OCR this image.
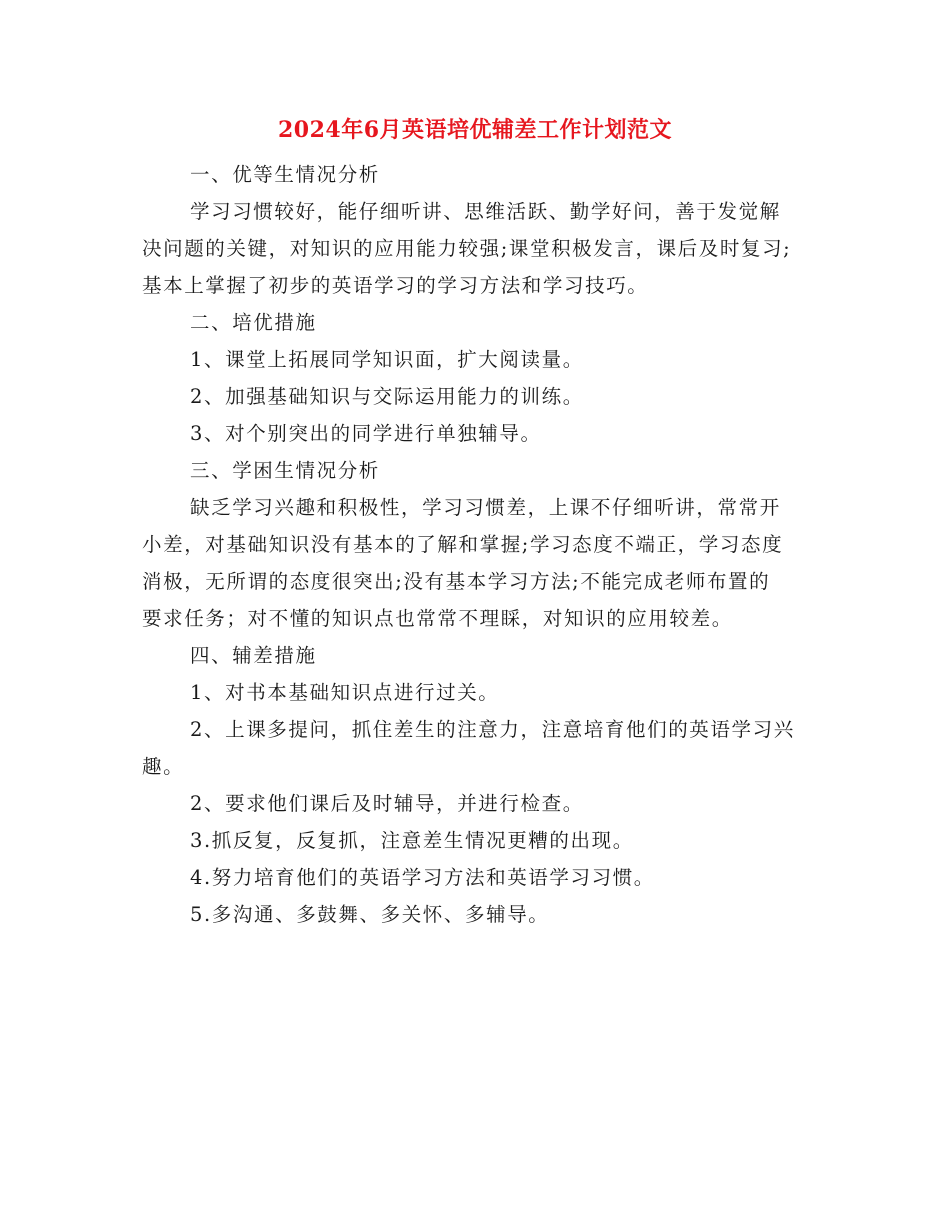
2024年6月英语培优辅差工作计划范文
一、优等生情况分析
学习习惯较好，能仔细听讲、思维活跃、勤学好问，善于发觉解
决问题的关键，对知识的应用能力较强;课堂积极发言，课后及时复习;
基本上掌握了初步的英语学习的学习方法和学习技巧。
二、培优措施
1、课堂上拓展同学知识面，扩大阅读量。
2、加强基础知识与交际运用能力的训练。
3、对个别突出的同学进行单独辅导。
三、学困生情况分析
缺乏学习兴趣和积极性，学习习惯差，上课不仔细听讲，常常开
小差，对基础知识没有基本的了解和掌握;学习态度不端正，学习态度
消极，无所谓的态度很突出;没有基本学习方法;不能完成老师布置的
要求任务；对不懂的知识点也常常不理睬，对知识的应用较差。
四、辅差措施
1、对书本基础知识点进行过关。
2、上课多提问，抓住差生的注意力，注意培育他们的英语学习兴
趣。
2、要求他们课后及时辅导，并进行检查。
3.抓反复，反复抓，注意差生情况更糟的出现。
4.努力培育他们的英语学习方法和英语学习习惯。
5.多沟通、多鼓舞、多关怀、多辅导。
